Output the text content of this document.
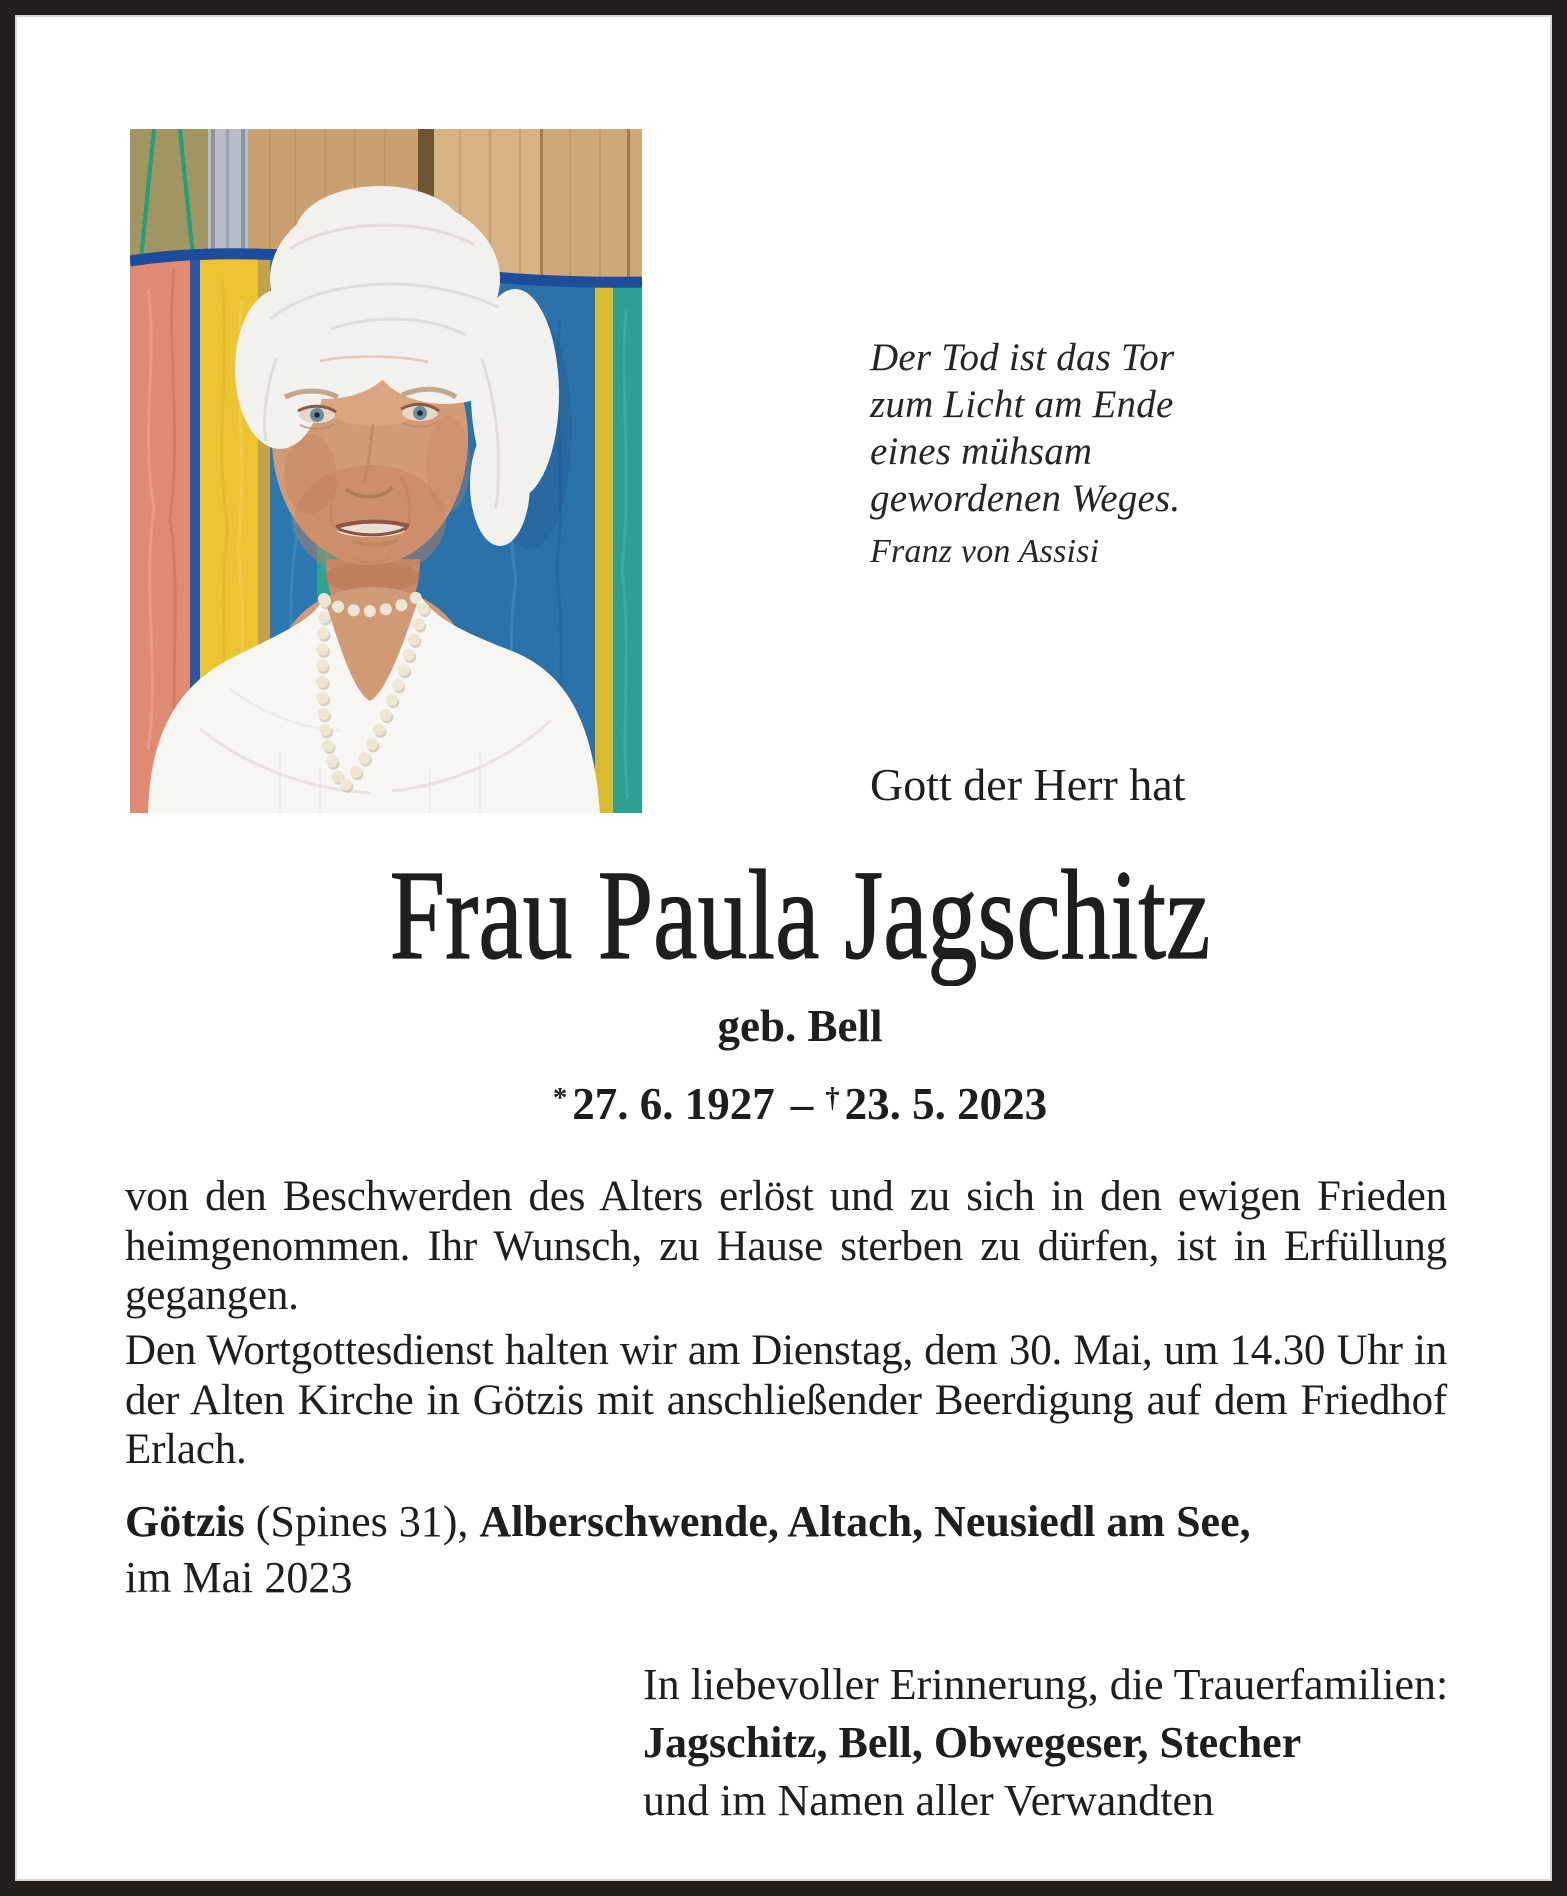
Der Tod ist das Tor
zum Licht am Ende
eines mühsam
gewordenen Weges.
Franz von Assisi
Gott der Herr hat
Frau Paula Jagschitz
geb. Bell
* 27. 6. 1927 – † 23. 5. 2023

von den Beschwerden des Alters erlöst und zu sich in den ewigen Frieden heimgenommen. Ihr Wunsch, zu Hause sterben zu dürfen, ist in Erfüllung gegangen.

Den Wortgottesdienst halten wir am Dienstag, dem 30. Mai, um 14.30 Uhr in der Alten Kirche in Götzis mit anschließender Beerdigung auf dem Friedhof Erlach.

Götzis (Spines 31), Alberschwende, Altach, Neusiedl am See,
im Mai 2023
In liebevoller Erinnerung, die Trauerfamilien:
Jagschitz, Bell, Obwegeser, Stecher
und im Namen aller Verwandten
